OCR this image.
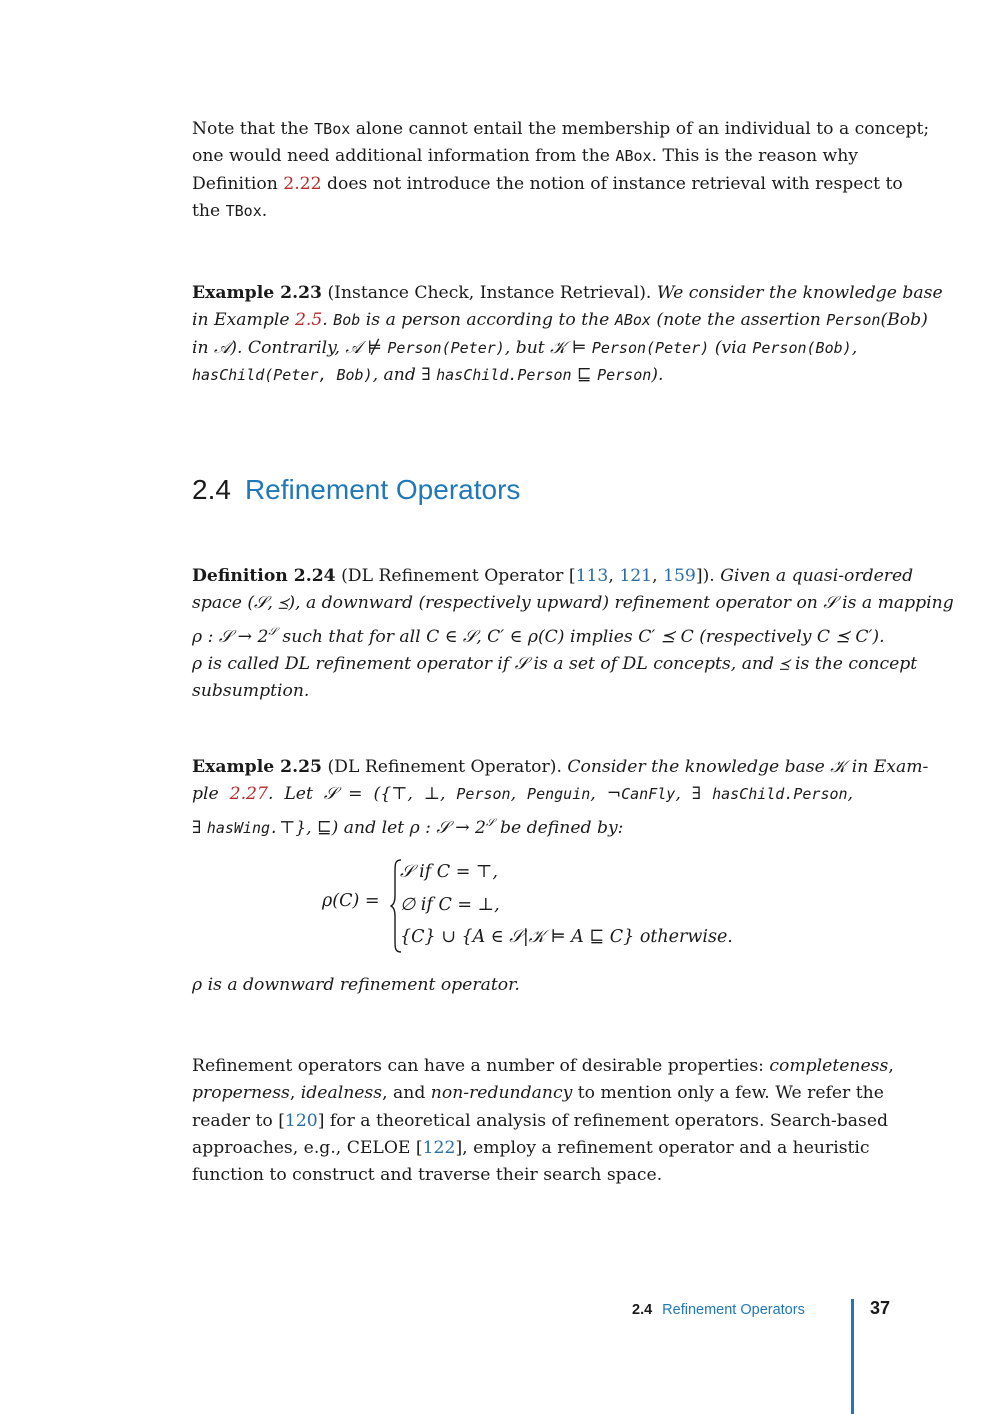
Note that the TBox alone cannot entail the membership of an individual to a concept;
one would need additional information from the ABox. This is the reason why
Definition 2.22 does not introduce the notion of instance retrieval with respect to
the TBox.
Example 2.23 (Instance Check, Instance Retrieval). We consider the knowledge base
in Example 2.5. Bob is a person according to the ABox (note the assertion Person(Bob)
in 𝒜). Contrarily, 𝒜 ⊭ Person(Peter), but 𝒦 ⊨ Person(Peter) (via Person(Bob),
hasChild(Peter, Bob), and ∃ hasChild.Person ⊑ Person).
2.4 Refinement Operators
Definition 2.24 (DL Refinement Operator [113, 121, 159]). Given a quasi-ordered
space (𝒮, ⪯), a downward (respectively upward) refinement operator on 𝒮 is a mapping
ρ : 𝒮 → $2^𝒮$ such that for all C ∈ 𝒮, C′ ∈ ρ(C) implies C′ ⪯ C (respectively C ⪯ C′).
ρ is called DL refinement operator if 𝒮 is a set of DL concepts, and ⪯ is the concept
subsumption.
Example 2.25 (DL Refinement Operator). Consider the knowledge base 𝒦 in Exam-
ple 2.27. Let 𝒮 = ({⊤, ⊥, Person, Penguin, ¬CanFly, ∃ hasChild.Person,
∃ hasWing.⊤}, ⊑) and let ρ : 𝒮 → $2^𝒮$ be defined by:
ρ(C) =
𝒮 if C = ⊤,
∅ if C = ⊥,
{C} ∪ {A ∈ 𝒮|𝒦 ⊨ A ⊑ C} otherwise.
ρ is a downward refinement operator.
Refinement operators can have a number of desirable properties: completeness,
properness, idealness, and non-redundancy to mention only a few. We refer the
reader to [120] for a theoretical analysis of refinement operators. Search-based
approaches, e.g., CELOE [122], employ a refinement operator and a heuristic
function to construct and traverse their search space.
2.4 Refinement Operators	37
